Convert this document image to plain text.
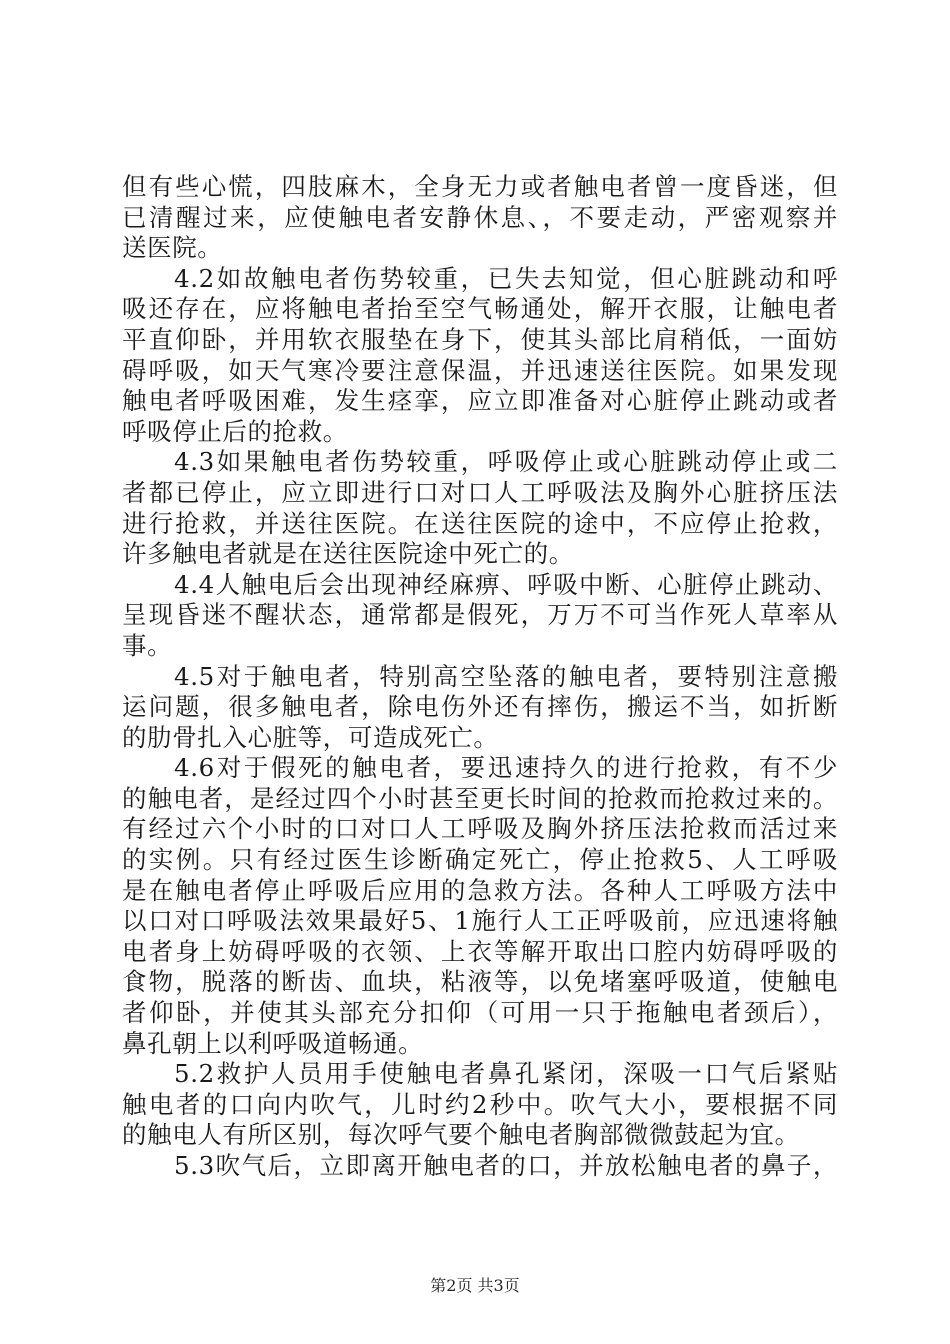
但有些心慌，四肢麻木，全身无力或者触电者曾一度昏迷，但
已清醒过来，应使触电者安静休息、，不要走动，严密观察并
送医院。
4.2如故触电者伤势较重，已失去知觉，但心脏跳动和呼
吸还存在，应将触电者抬至空气畅通处，解开衣服，让触电者
平直仰卧，并用软衣服垫在身下，使其头部比肩稍低，一面妨
碍呼吸，如天气寒冷要注意保温，并迅速送往医院。如果发现
触电者呼吸困难，发生痉挛，应立即准备对心脏停止跳动或者
呼吸停止后的抢救。
4.3如果触电者伤势较重，呼吸停止或心脏跳动停止或二
者都已停止，应立即进行口对口人工呼吸法及胸外心脏挤压法
进行抢救，并送往医院。在送往医院的途中，不应停止抢救，
许多触电者就是在送往医院途中死亡的。
4.4人触电后会出现神经麻痹、呼吸中断、心脏停止跳动、
呈现昏迷不醒状态，通常都是假死，万万不可当作死人草率从
事。
4.5对于触电者，特别高空坠落的触电者，要特别注意搬
运问题，很多触电者，除电伤外还有摔伤，搬运不当，如折断
的肋骨扎入心脏等，可造成死亡。
4.6对于假死的触电者，要迅速持久的进行抢救，有不少
的触电者，是经过四个小时甚至更长时间的抢救而抢救过来的。
有经过六个小时的口对口人工呼吸及胸外挤压法抢救而活过来
的实例。只有经过医生诊断确定死亡，停止抢救5、人工呼吸
是在触电者停止呼吸后应用的急救方法。各种人工呼吸方法中
以口对口呼吸法效果最好5、1施行人工正呼吸前，应迅速将触
电者身上妨碍呼吸的衣领、上衣等解开取出口腔内妨碍呼吸的
食物，脱落的断齿、血块，粘液等，以免堵塞呼吸道，使触电
者仰卧，并使其头部充分扣仰（可用一只于拖触电者颈后），
鼻孔朝上以利呼吸道畅通。
5.2救护人员用手使触电者鼻孔紧闭，深吸一口气后紧贴
触电者的口向内吹气，儿时约2秒中。吹气大小，要根据不同
的触电人有所区别，每次呼气要个触电者胸部微微鼓起为宜。
5.3吹气后，立即离开触电者的口，并放松触电者的鼻子，
第2页 共3页
